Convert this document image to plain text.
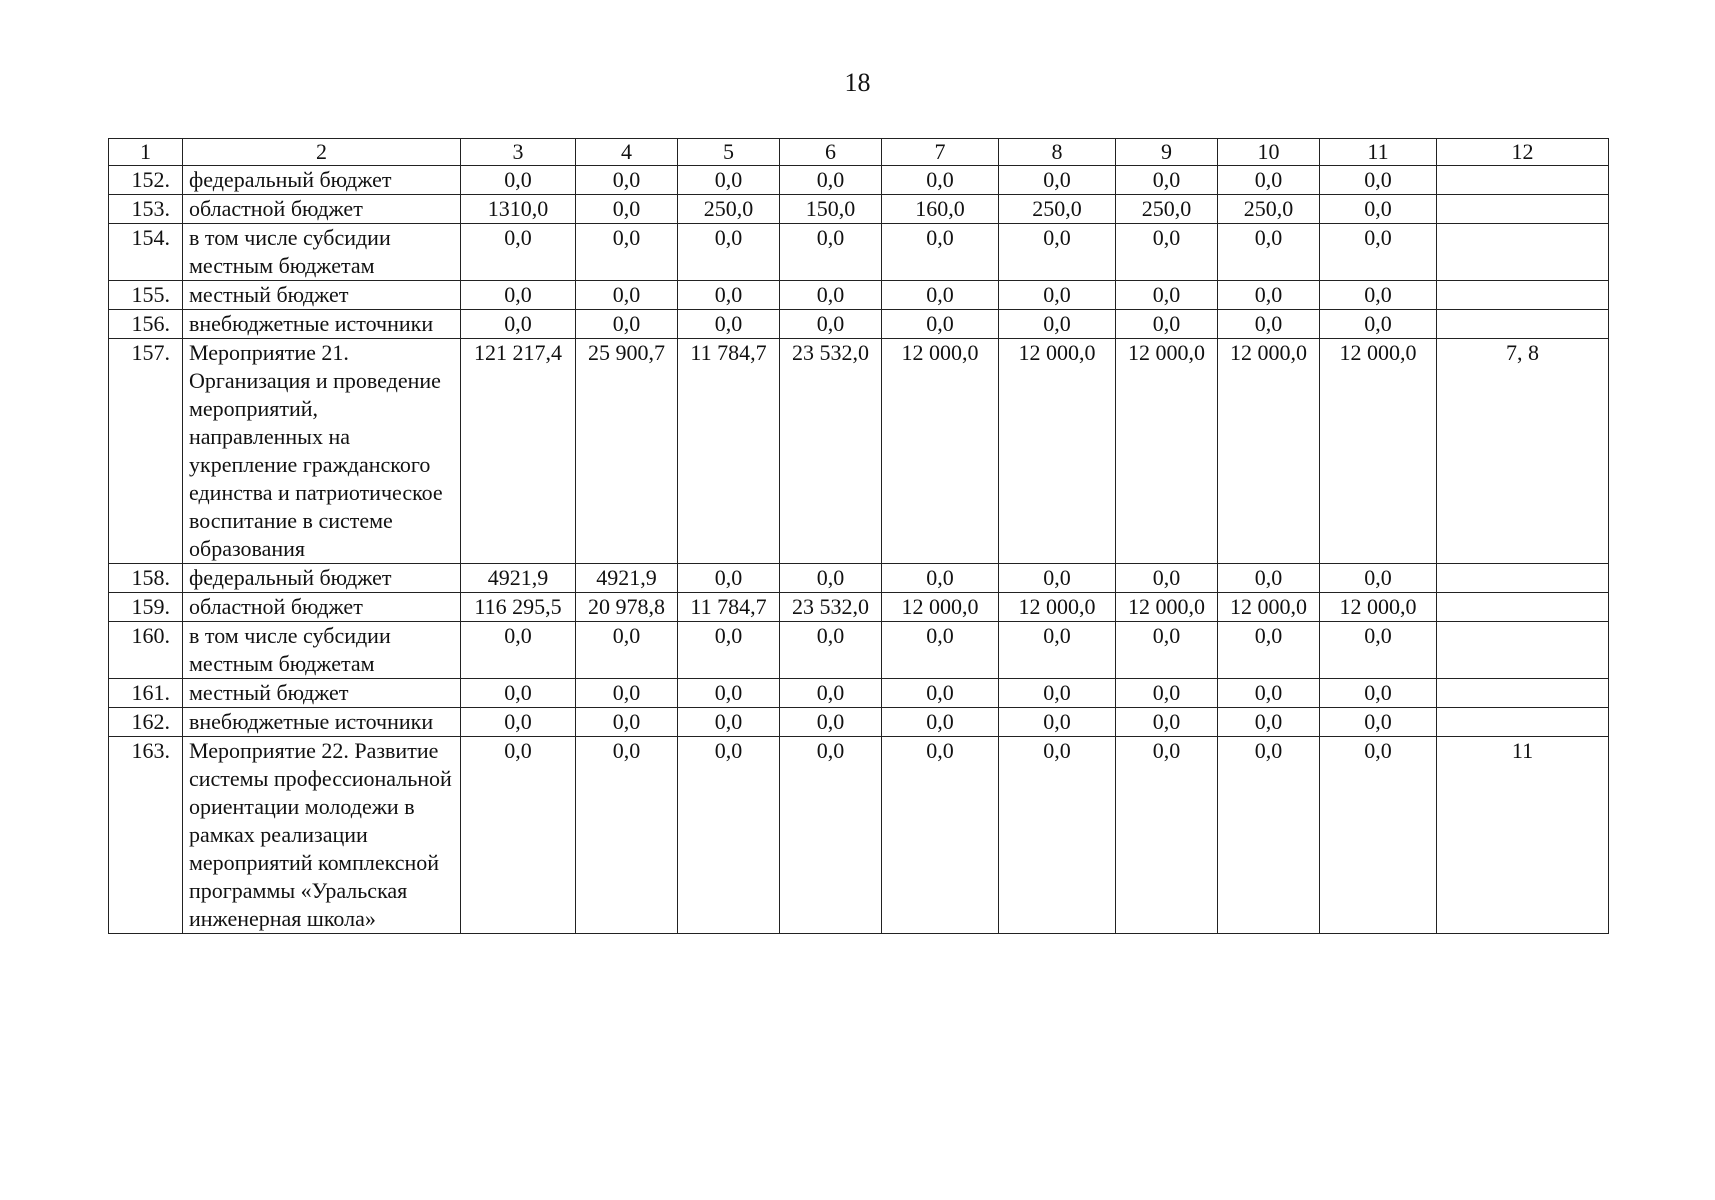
18
1	2	3	4	5	6	7	8	9	10	11	12
152.	федеральный бюджет	0,0	0,0	0,0	0,0	0,0	0,0	0,0	0,0	0,0	
153.	областной бюджет	1310,0	0,0	250,0	150,0	160,0	250,0	250,0	250,0	0,0	
154.	в том числе субсидии местным бюджетам	0,0	0,0	0,0	0,0	0,0	0,0	0,0	0,0	0,0	
155.	местный бюджет	0,0	0,0	0,0	0,0	0,0	0,0	0,0	0,0	0,0	
156.	внебюджетные источники	0,0	0,0	0,0	0,0	0,0	0,0	0,0	0,0	0,0	
157.	Мероприятие 21. Организация и проведение мероприятий, направленных на укрепление гражданского единства и патриотическое воспитание в системе образования	121 217,4	25 900,7	11 784,7	23 532,0	12 000,0	12 000,0	12 000,0	12 000,0	12 000,0	7, 8
158.	федеральный бюджет	4921,9	4921,9	0,0	0,0	0,0	0,0	0,0	0,0	0,0	
159.	областной бюджет	116 295,5	20 978,8	11 784,7	23 532,0	12 000,0	12 000,0	12 000,0	12 000,0	12 000,0	
160.	в том числе субсидии местным бюджетам	0,0	0,0	0,0	0,0	0,0	0,0	0,0	0,0	0,0	
161.	местный бюджет	0,0	0,0	0,0	0,0	0,0	0,0	0,0	0,0	0,0	
162.	внебюджетные источники	0,0	0,0	0,0	0,0	0,0	0,0	0,0	0,0	0,0	
163.	Мероприятие 22. Развитие системы профессиональной ориентации молодежи в рамках реализации мероприятий комплексной программы «Уральская инженерная школа»	0,0	0,0	0,0	0,0	0,0	0,0	0,0	0,0	0,0	11
